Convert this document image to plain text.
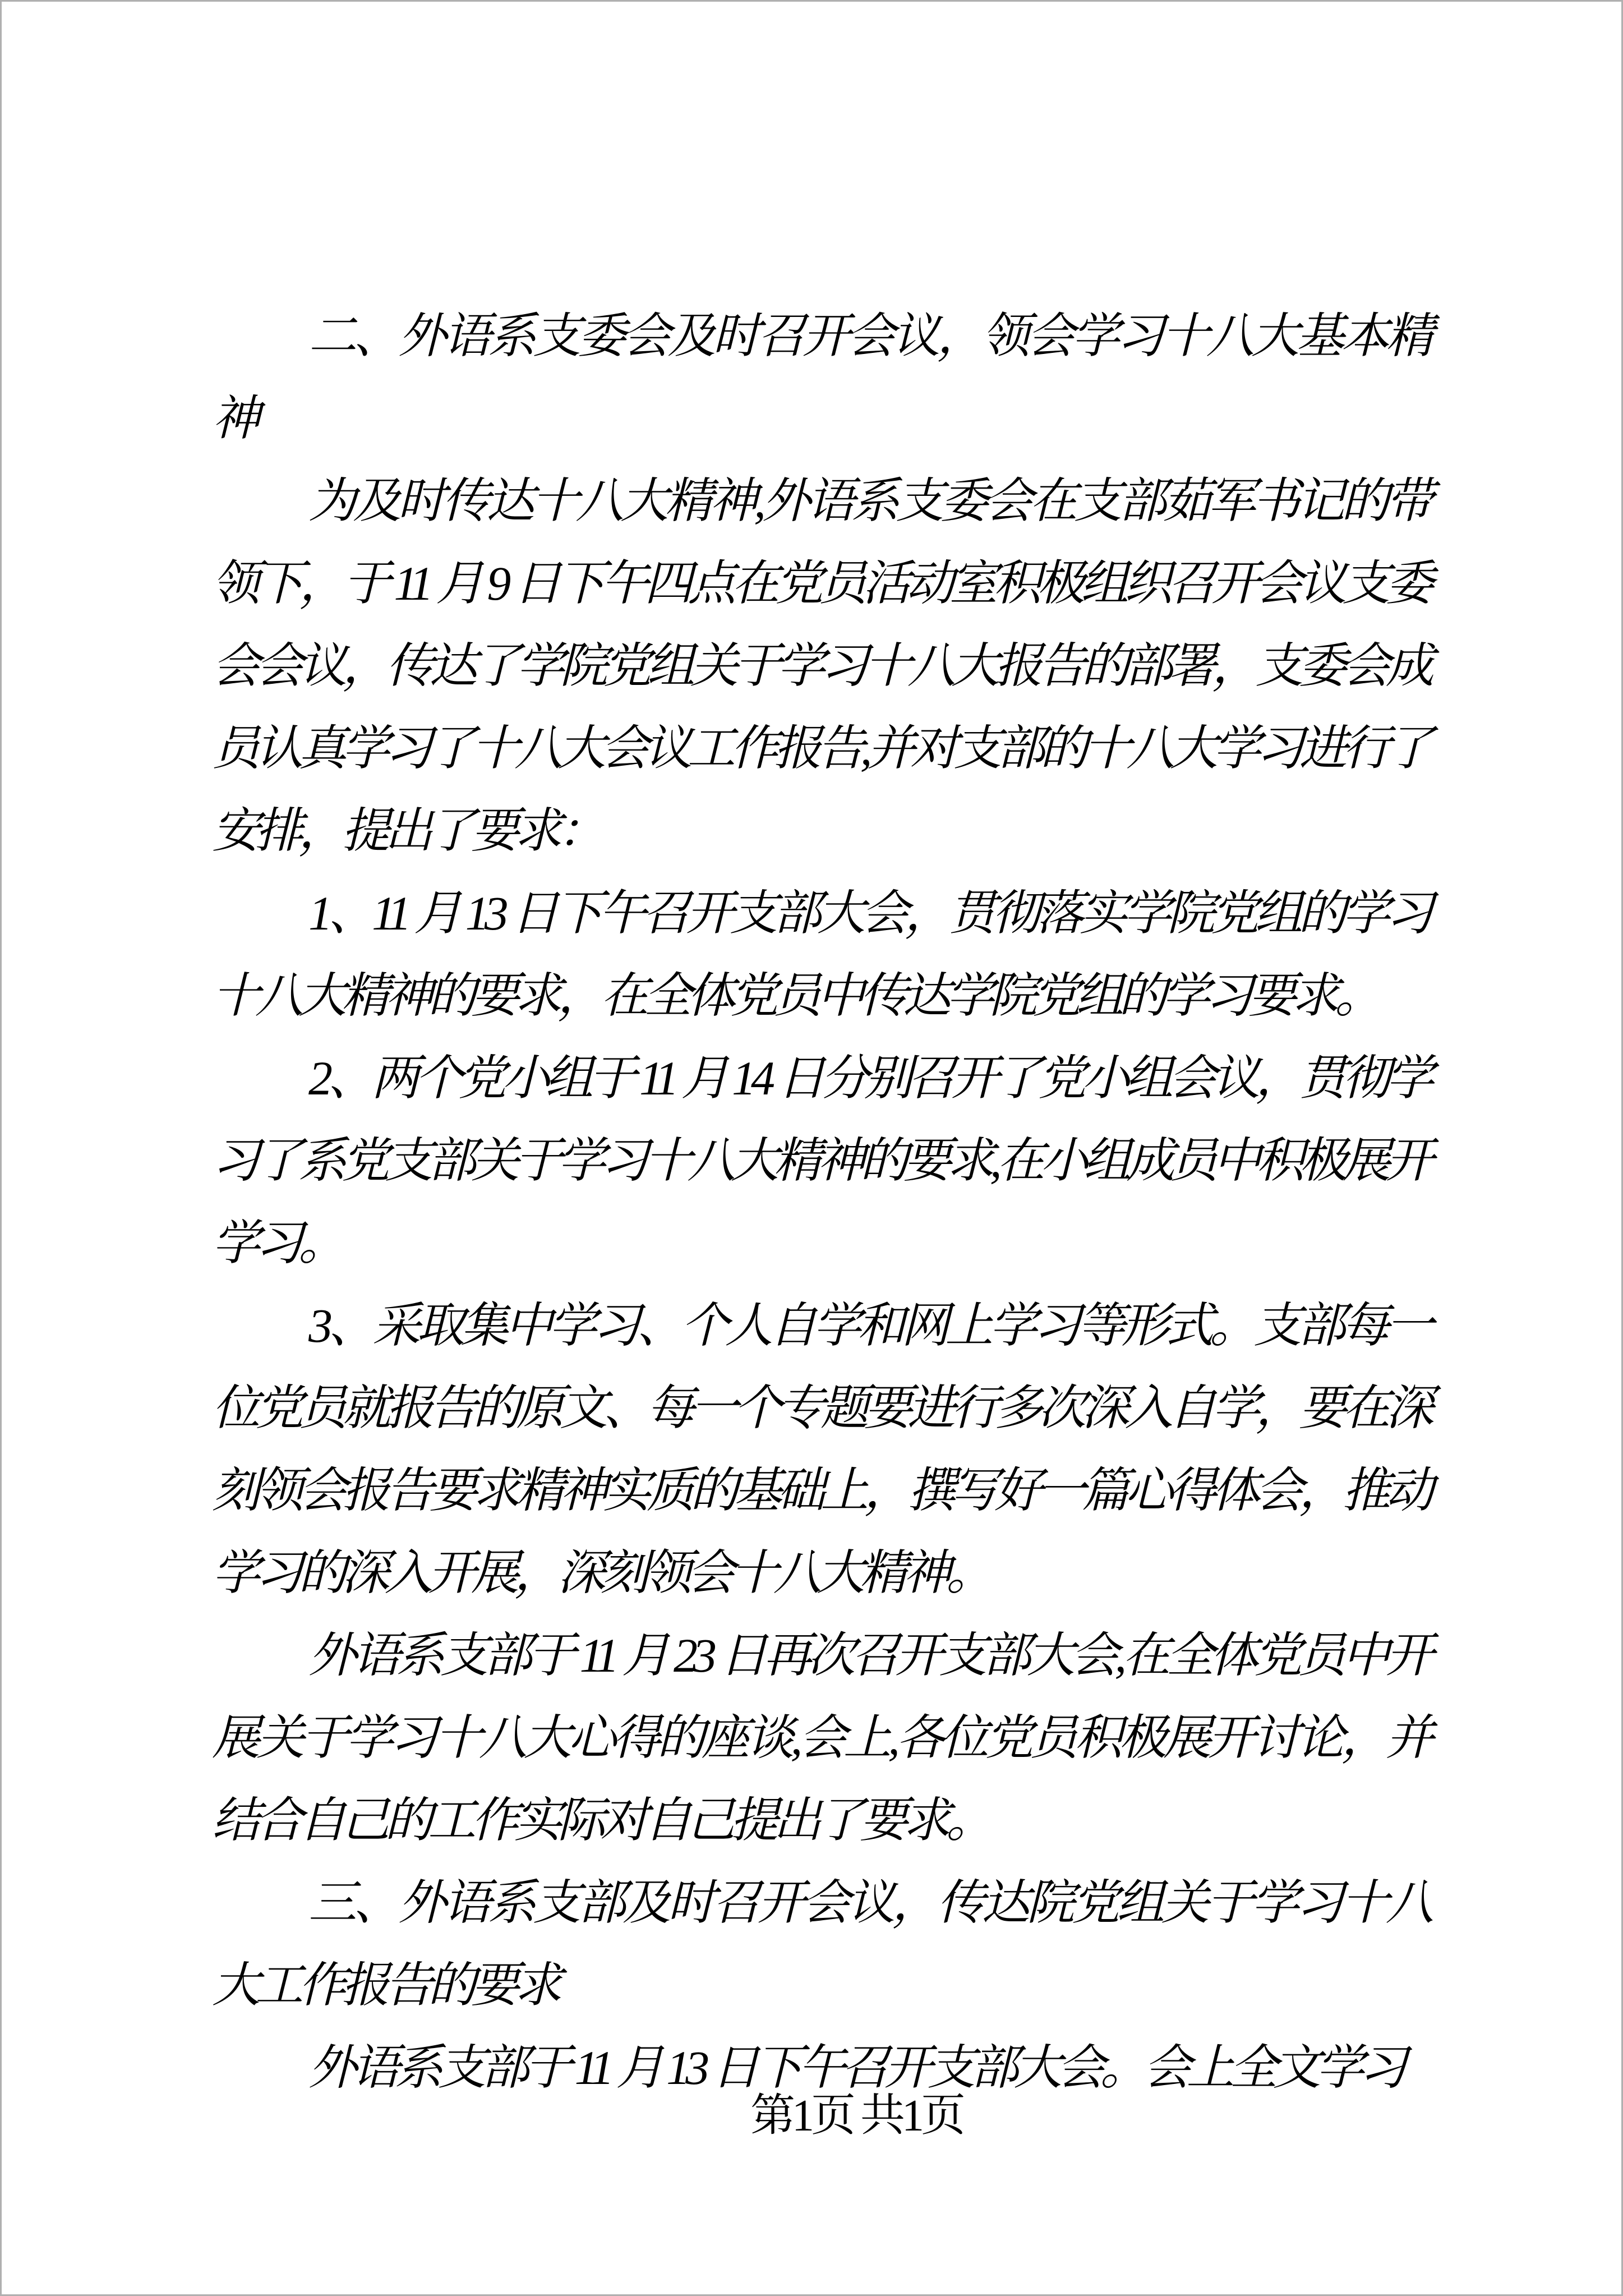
二、外语系支委会及时召开会议，领会学习十八大基本精神

为及时传达十八大精神,外语系支委会在支部茹军书记的带领下，于 11 月 9 日下午四点在党员活动室积极组织召开会议支委会会议，传达了学院党组关于学习十八大报告的部署，支委会成员认真学习了十八大会议工作报告,并对支部的十八大学习进行了安排，提出了要求：

1、11 月 13 日下午召开支部大会，贯彻落实学院党组的学习十八大精神的要求，在全体党员中传达学院党组的学习要求。

2、两个党小组于 11 月 14 日分别召开了党小组会议，贯彻学习了系党支部关于学习十八大精神的要求,在小组成员中积极展开学习。

3、采取集中学习、个人自学和网上学习等形式。支部每一位党员就报告的原文、每一个专题要进行多次深入自学，要在深刻领会报告要求精神实质的基础上，撰写好一篇心得体会，推动学习的深入开展，深刻领会十八大精神。

外语系支部于 11 月 23 日再次召开支部大会,在全体党员中开展关于学习十八大心得的座谈,会上,各位党员积极展开讨论，并结合自己的工作实际对自己提出了要求。

三、外语系支部及时召开会议，传达院党组关于学习十八大工作报告的要求

外语系支部于 11 月 13 日下午召开支部大会。会上全文学习

第1页 共1页
